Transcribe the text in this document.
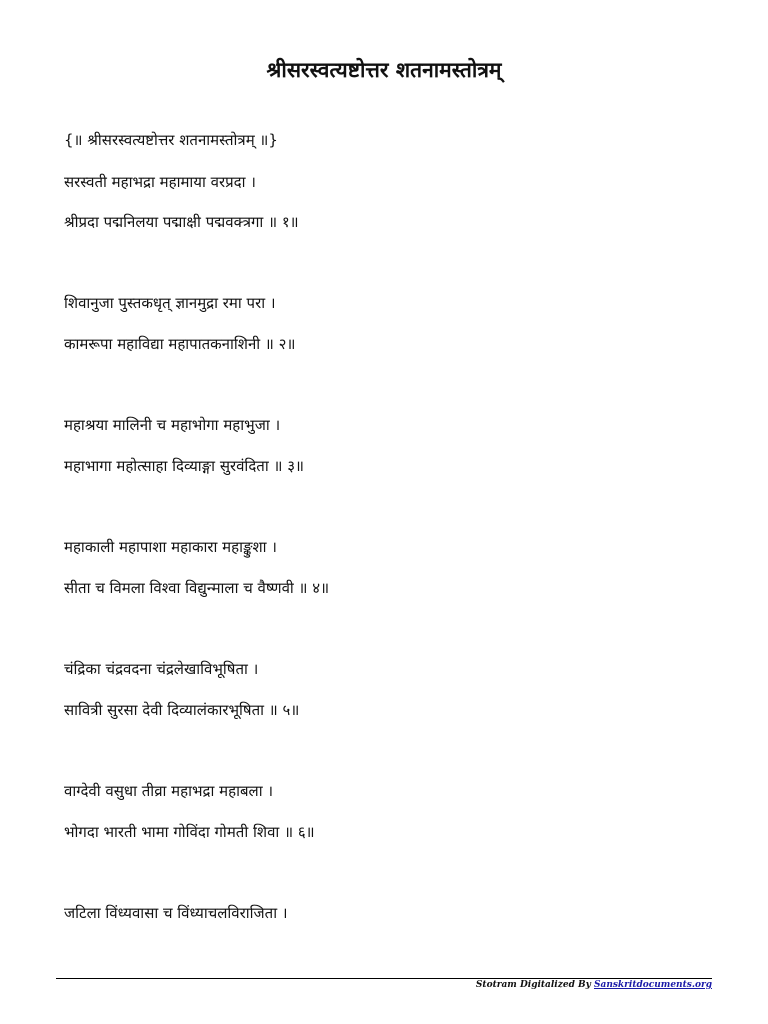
श्रीसरस्वत्यष्टोत्तर शतनामस्तोत्रम्
{॥ श्रीसरस्वत्यष्टोत्तर शतनामस्तोत्रम् ॥}
सरस्वती महाभद्रा महामाया वरप्रदा ।
श्रीप्रदा पद्मनिलया पद्माक्षी पद्मवक्त्रगा ॥ १॥
शिवानुजा पुस्तकधृत् ज्ञानमुद्रा रमा परा ।
कामरूपा महाविद्या महापातकनाशिनी ॥ २॥
महाश्रया मालिनी च महाभोगा महाभुजा ।
महाभागा महोत्साहा दिव्याङ्गा सुरवंदिता ॥ ३॥
महाकाली महापाशा महाकारा महाङ्कुशा ।
सीता च विमला विश्वा विद्युन्माला च वैष्णवी ॥ ४॥
चंद्रिका चंद्रवदना चंद्रलेखाविभूषिता ।
सावित्री सुरसा देवी दिव्यालंकारभूषिता ॥ ५॥
वाग्देवी वसुधा तीव्रा महाभद्रा महाबला ।
भोगदा भारती भामा गोविंदा गोमती शिवा ॥ ६॥
जटिला विंध्यवासा च विंध्याचलविराजिता ।
Stotram Digitalized By Sanskritdocuments.org
